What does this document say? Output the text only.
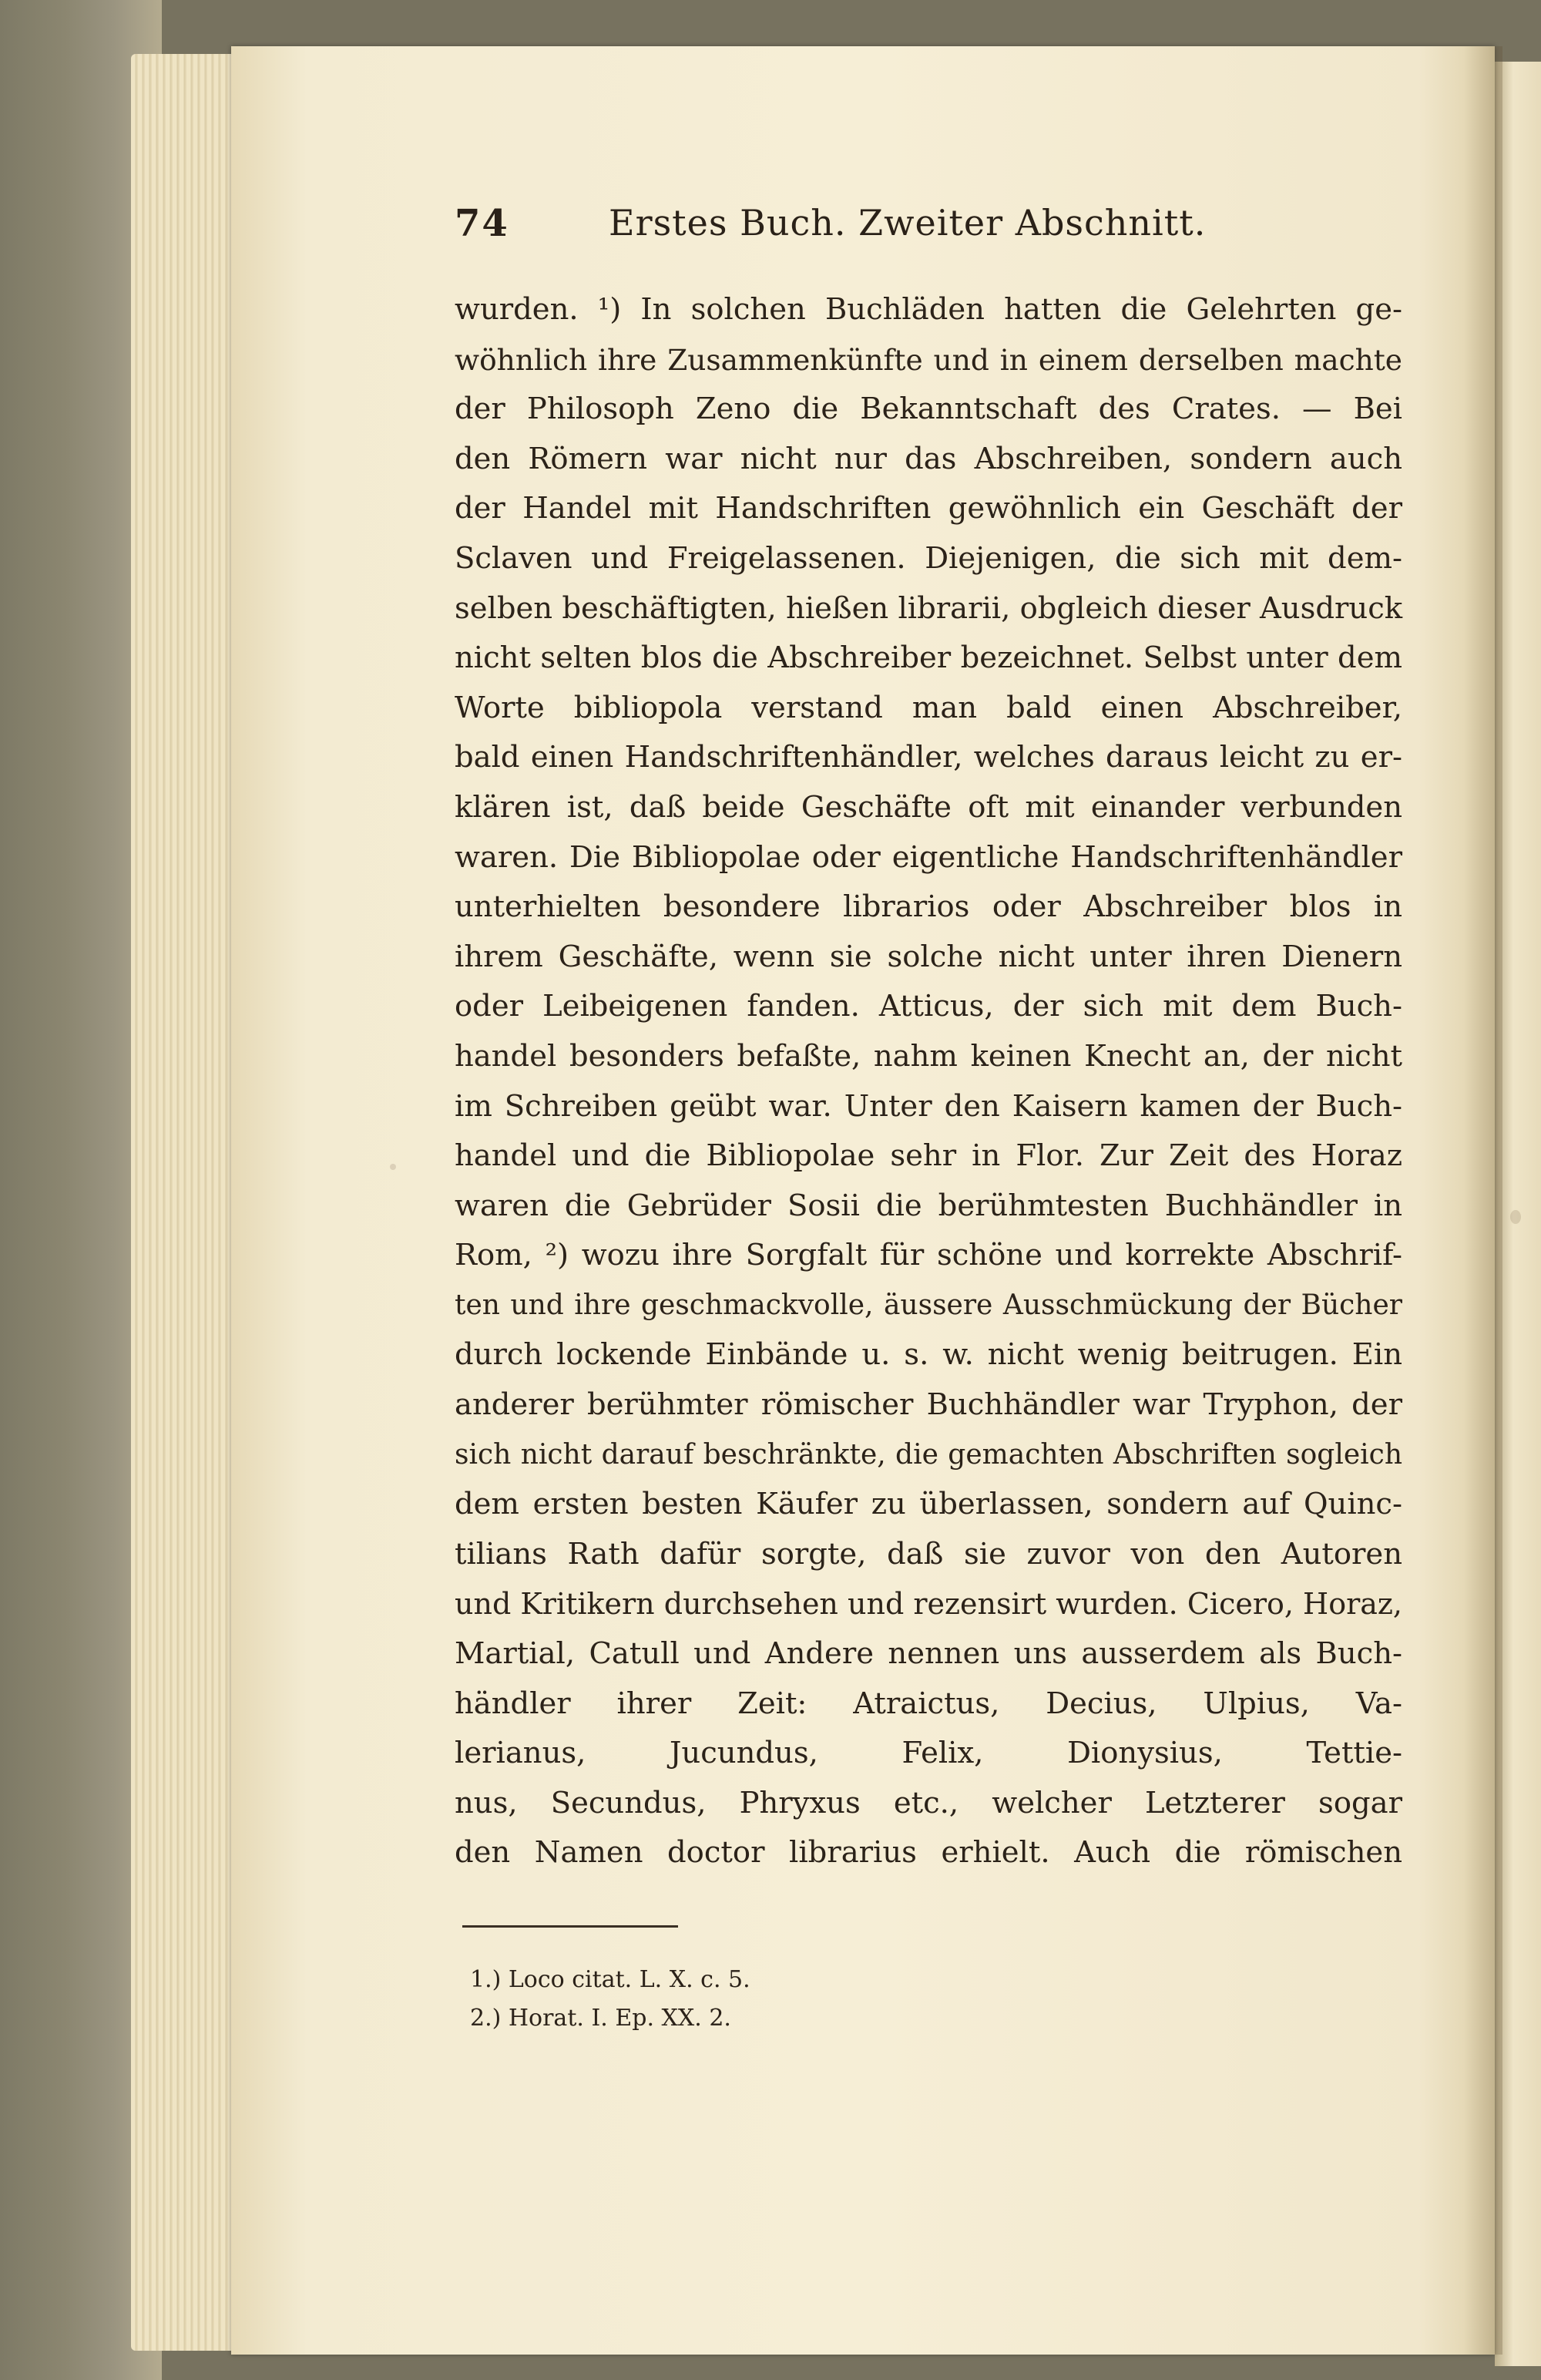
74	Erstes Buch. Zweiter Abschnitt.
wurden. ¹) In solchen Buchläden hatten die Gelehrten ge-
wöhnlich ihre Zusammenkünfte und in einem derselben machte
der Philosoph Zeno die Bekanntschaft des Crates. — Bei
den Römern war nicht nur das Abschreiben, sondern auch
der Handel mit Handschriften gewöhnlich ein Geschäft der
Sclaven und Freigelassenen. Diejenigen, die sich mit dem-
selben beschäftigten, hießen librarii, obgleich dieser Ausdruck
nicht selten blos die Abschreiber bezeichnet. Selbst unter dem
Worte bibliopola verstand man bald einen Abschreiber,
bald einen Handschriftenhändler, welches daraus leicht zu er-
klären ist, daß beide Geschäfte oft mit einander verbunden
waren. Die Bibliopolae oder eigentliche Handschriftenhändler
unterhielten besondere librarios oder Abschreiber blos in
ihrem Geschäfte, wenn sie solche nicht unter ihren Dienern
oder Leibeigenen fanden. Atticus, der sich mit dem Buch-
handel besonders befaßte, nahm keinen Knecht an, der nicht
im Schreiben geübt war. Unter den Kaisern kamen der Buch-
handel und die Bibliopolae sehr in Flor. Zur Zeit des Horaz
waren die Gebrüder Sosii die berühmtesten Buchhändler in
Rom, ²) wozu ihre Sorgfalt für schöne und korrekte Abschrif-
ten und ihre geschmackvolle, äussere Ausschmückung der Bücher
durch lockende Einbände u. s. w. nicht wenig beitrugen. Ein
anderer berühmter römischer Buchhändler war Tryphon, der
sich nicht darauf beschränkte, die gemachten Abschriften sogleich
dem ersten besten Käufer zu überlassen, sondern auf Quinc-
tilians Rath dafür sorgte, daß sie zuvor von den Autoren
und Kritikern durchsehen und rezensirt wurden. Cicero, Horaz,
Martial, Catull und Andere nennen uns ausserdem als Buch-
händler ihrer Zeit: Atraictus, Decius, Ulpius, Va-
lerianus, Jucundus, Felix, Dionysius, Tettie-
nus, Secundus, Phryxus etc., welcher Letzterer sogar
den Namen doctor librarius erhielt. Auch die römischen
1.) Loco citat. L. X. c. 5.
2.) Horat. I. Ep. XX. 2.
